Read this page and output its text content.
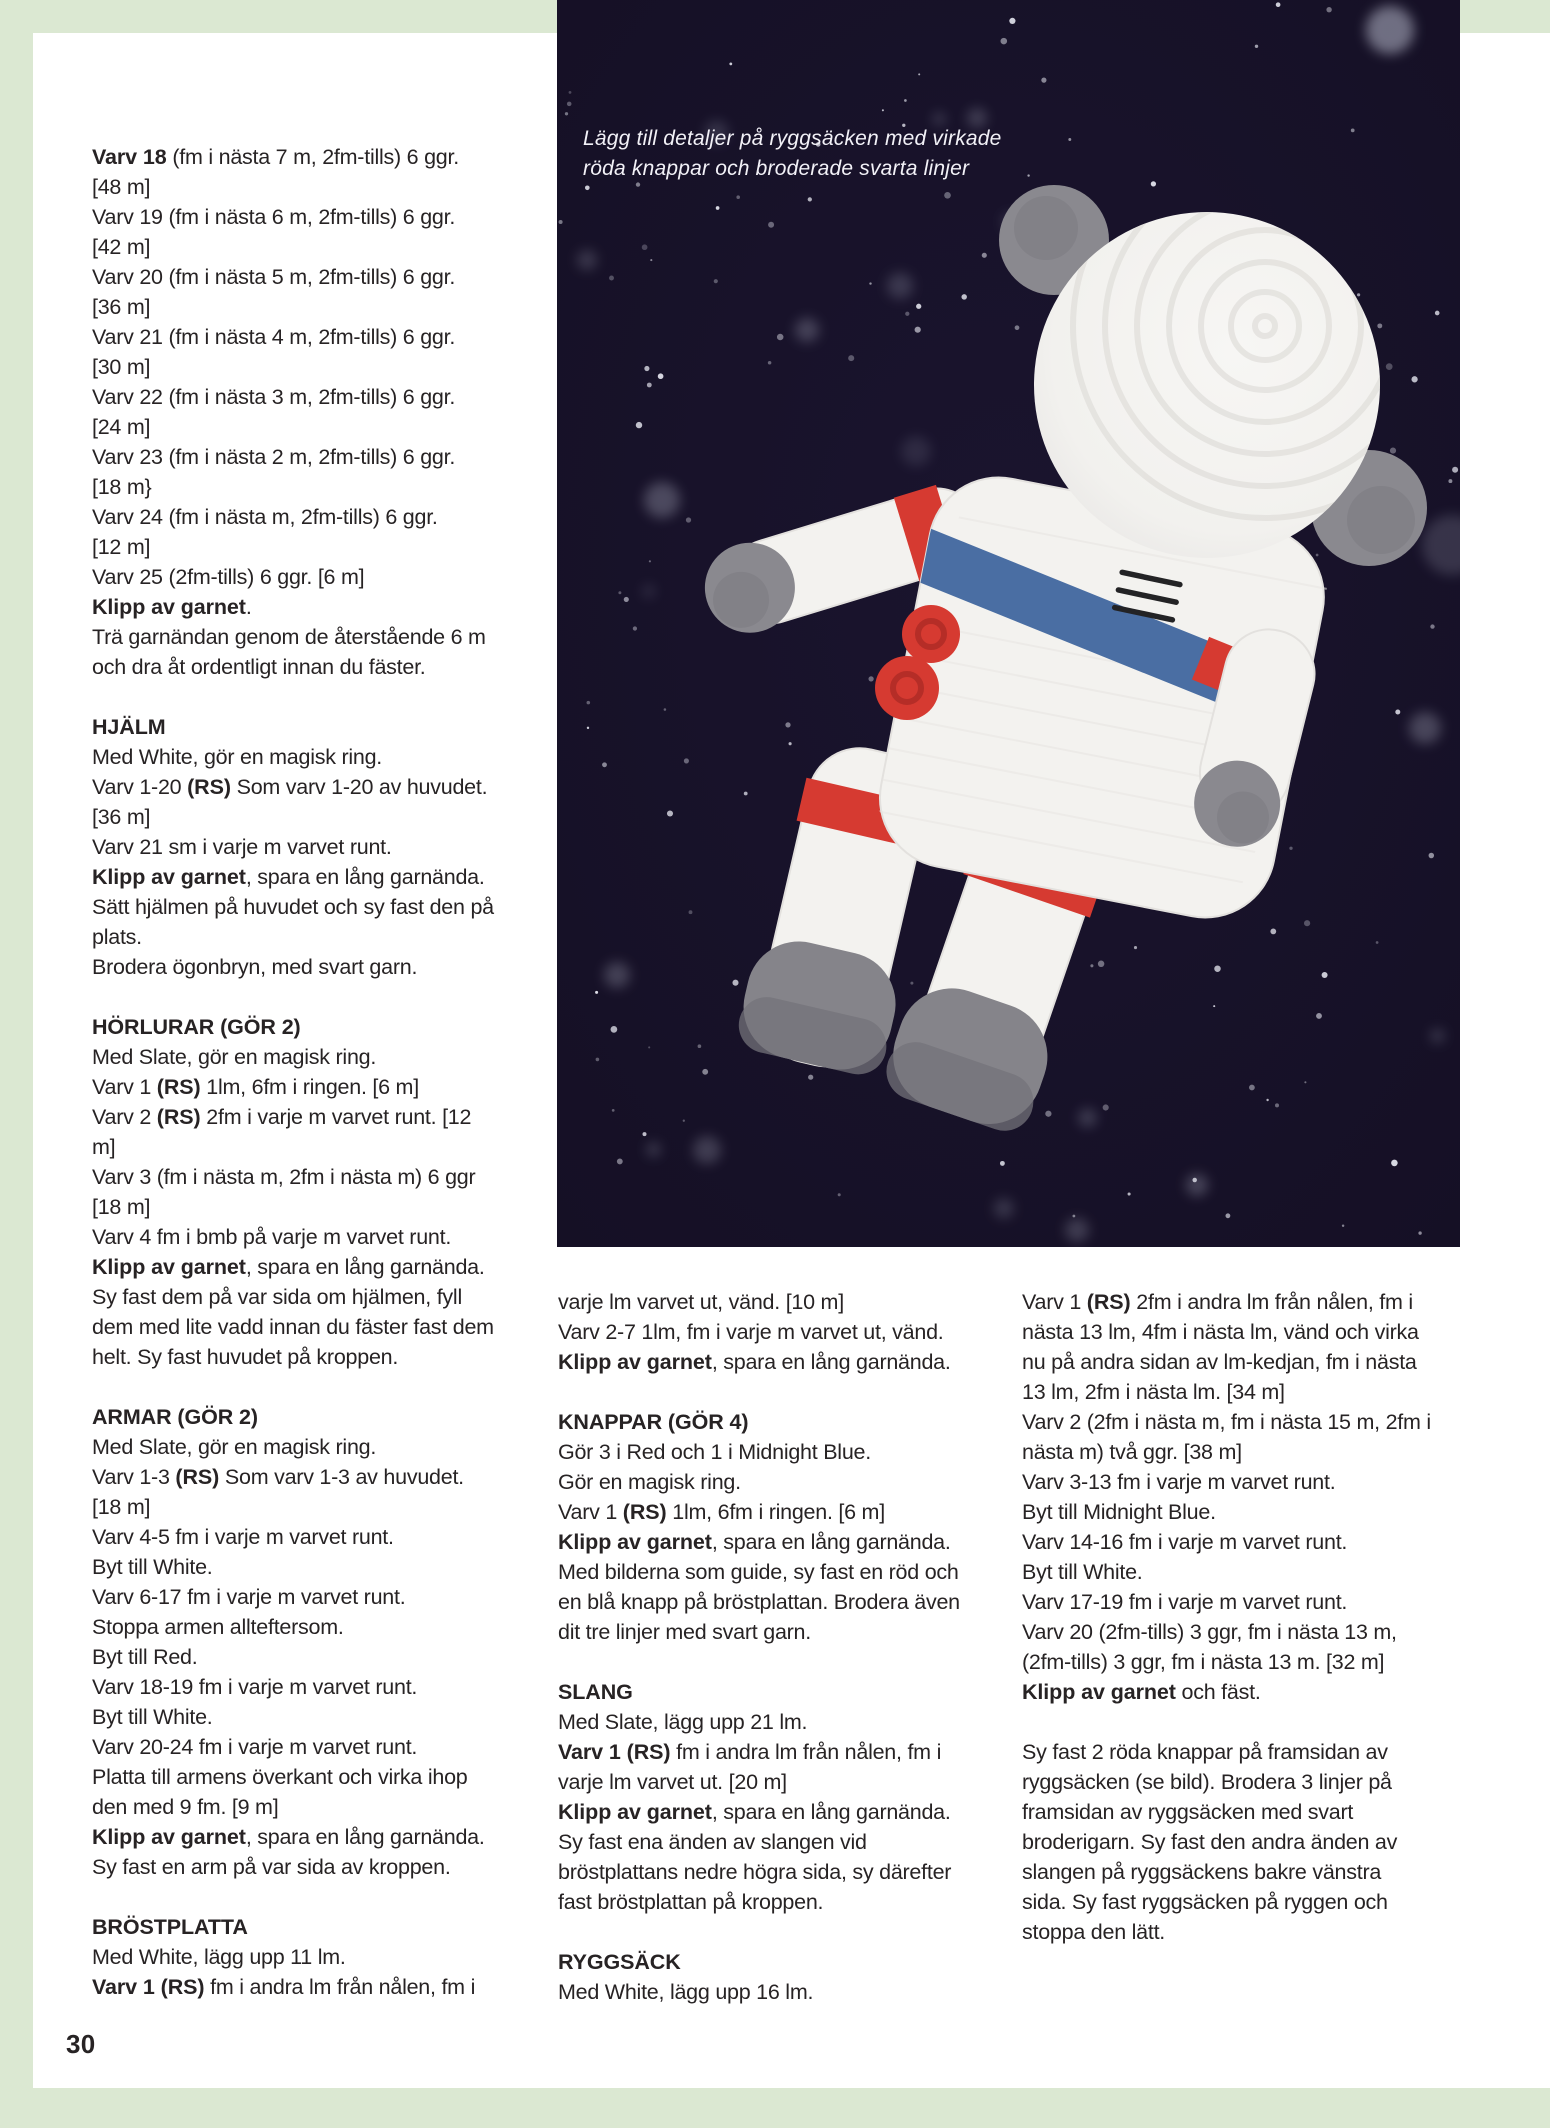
Varv 18 (fm i nästa 7 m, 2fm-tills) 6 ggr.
[48 m]
Varv 19 (fm i nästa 6 m, 2fm-tills) 6 ggr.
[42 m]
Varv 20 (fm i nästa 5 m, 2fm-tills) 6 ggr.
[36 m]
Varv 21 (fm i nästa 4 m, 2fm-tills) 6 ggr.
[30 m]
Varv 22 (fm i nästa 3 m, 2fm-tills) 6 ggr.
[24 m]
Varv 23 (fm i nästa 2 m, 2fm-tills) 6 ggr.
[18 m}
Varv 24 (fm i nästa m, 2fm-tills) 6 ggr.
[12 m]
Varv 25 (2fm-tills) 6 ggr. [6 m]
Klipp av garnet.
Trä garnändan genom de återstående 6 m
och dra åt ordentligt innan du fäster.

HJÄLM
Med White, gör en magisk ring.
Varv 1-20 (RS) Som varv 1-20 av huvudet.
[36 m]
Varv 21 sm i varje m varvet runt.
Klipp av garnet, spara en lång garnända.
Sätt hjälmen på huvudet och sy fast den på
plats.
Brodera ögonbryn, med svart garn.

HÖRLURAR (GÖR 2)
Med Slate, gör en magisk ring.
Varv 1 (RS) 1lm, 6fm i ringen. [6 m]
Varv 2 (RS) 2fm i varje m varvet runt. [12
m]
Varv 3 (fm i nästa m, 2fm i nästa m) 6 ggr
[18 m]
Varv 4 fm i bmb på varje m varvet runt.
Klipp av garnet, spara en lång garnända.
Sy fast dem på var sida om hjälmen, fyll
dem med lite vadd innan du fäster fast dem
helt. Sy fast huvudet på kroppen.

ARMAR (GÖR 2)
Med Slate, gör en magisk ring.
Varv 1-3 (RS) Som varv 1-3 av huvudet.
[18 m]
Varv 4-5 fm i varje m varvet runt.
Byt till White.
Varv 6-17 fm i varje m varvet runt.
Stoppa armen allteftersom.
Byt till Red.
Varv 18-19 fm i varje m varvet runt.
Byt till White.
Varv 20-24 fm i varje m varvet runt.
Platta till armens överkant och virka ihop
den med 9 fm. [9 m]
Klipp av garnet, spara en lång garnända.
Sy fast en arm på var sida av kroppen.

BRÖSTPLATTA
Med White, lägg upp 11 lm.
Varv 1 (RS) fm i andra lm från nålen, fm i
varje lm varvet ut, vänd. [10 m]
Varv 2-7 1lm, fm i varje m varvet ut, vänd.
Klipp av garnet, spara en lång garnända.

KNAPPAR (GÖR 4)
Gör 3 i Red och 1 i Midnight Blue.
Gör en magisk ring.
Varv 1 (RS) 1lm, 6fm i ringen. [6 m]
Klipp av garnet, spara en lång garnända.
Med bilderna som guide, sy fast en röd och
en blå knapp på bröstplattan. Brodera även
dit tre linjer med svart garn.

SLANG
Med Slate, lägg upp 21 lm.
Varv 1 (RS) fm i andra lm från nålen, fm i
varje lm varvet ut. [20 m]
Klipp av garnet, spara en lång garnända.
Sy fast ena änden av slangen vid
bröstplattans nedre högra sida, sy därefter
fast bröstplattan på kroppen.

RYGGSÄCK
Med White, lägg upp 16 lm.
Varv 1 (RS) 2fm i andra lm från nålen, fm i
nästa 13 lm, 4fm i nästa lm, vänd och virka
nu på andra sidan av lm-kedjan, fm i nästa
13 lm, 2fm i nästa lm. [34 m]
Varv 2 (2fm i nästa m, fm i nästa 15 m, 2fm i
nästa m) två ggr. [38 m]
Varv 3-13 fm i varje m varvet runt.
Byt till Midnight Blue.
Varv 14-16 fm i varje m varvet runt.
Byt till White.
Varv 17-19 fm i varje m varvet runt.
Varv 20 (2fm-tills) 3 ggr, fm i nästa 13 m,
(2fm-tills) 3 ggr, fm i nästa 13 m. [32 m]
Klipp av garnet och fäst.

Sy fast 2 röda knappar på framsidan av
ryggsäcken (se bild). Brodera 3 linjer på
framsidan av ryggsäcken med svart
broderigarn. Sy fast den andra änden av
slangen på ryggsäckens bakre vänstra
sida. Sy fast ryggsäcken på ryggen och
stoppa den lätt.
Lägg till detaljer på ryggsäcken med virkade
röda knappar och broderade svarta linjer
30
